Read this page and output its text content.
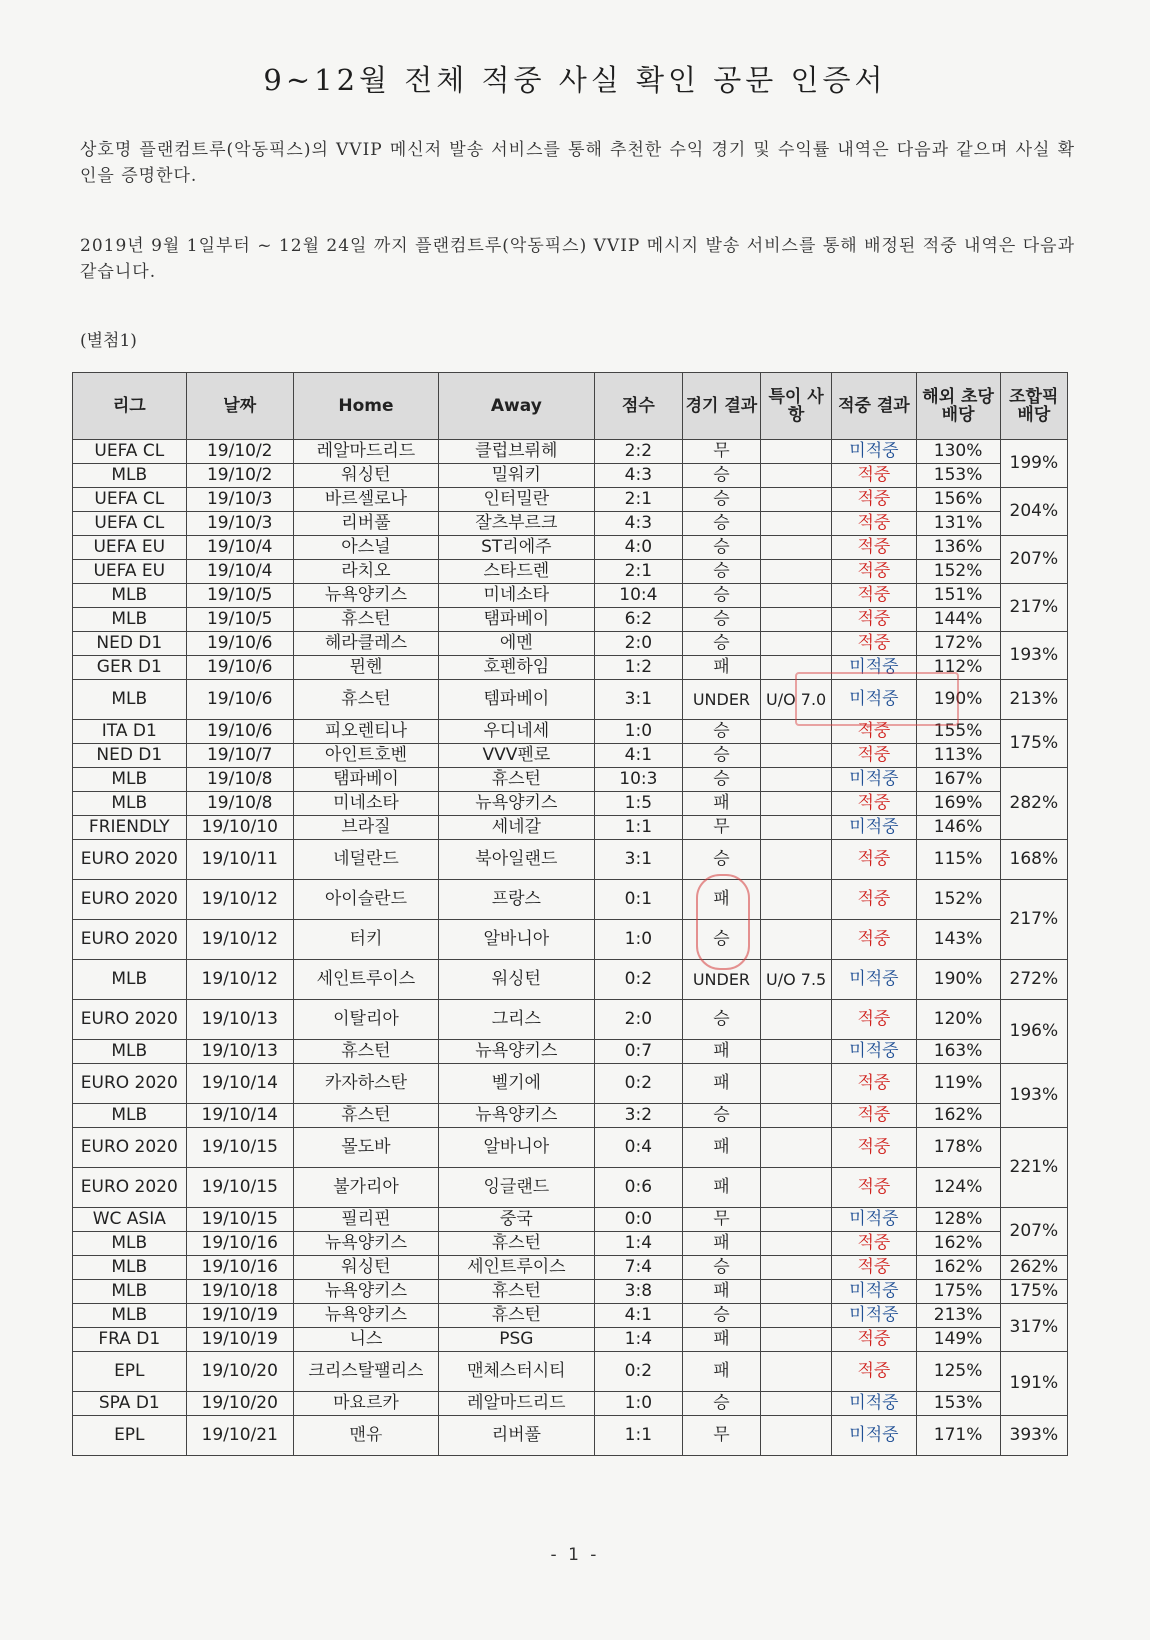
9~12월 전체 적중 사실 확인 공문 인증서
상호명 플랜컴트루(악동픽스)의 VVIP 메신저 발송 서비스를 통해 추천한 수익 경기 및 수익률 내역은 다음과 같으며 사실 확인을 증명한다.
2019년 9월 1일부터 ~ 12월 24일 까지 플랜컴트루(악동픽스) VVIP 메시지 발송 서비스를 통해 배정된 적중 내역은 다음과 같습니다.
(별첨1)
리그	날짜	Home	Away	점수	경기 결과	특이 사항	적중 결과	해외 초당 배당	조합픽 배당
UEFA CL	19/10/2	레알마드리드	클럽브뤼헤	2:2	무		미적중	130%	199%
MLB	19/10/2	워싱턴	밀워키	4:3	승		적중	153%	
UEFA CL	19/10/3	바르셀로나	인터밀란	2:1	승		적중	156%	204%
UEFA CL	19/10/3	리버풀	잘츠부르크	4:3	승		적중	131%	
UEFA EU	19/10/4	아스널	ST리에주	4:0	승		적중	136%	207%
UEFA EU	19/10/4	라치오	스타드렌	2:1	승		적중	152%	
MLB	19/10/5	뉴욕양키스	미네소타	10:4	승		적중	151%	217%
MLB	19/10/5	휴스턴	탬파베이	6:2	승		적중	144%	
NED D1	19/10/6	헤라클레스	에멘	2:0	승		적중	172%	193%
GER D1	19/10/6	뮌헨	호펜하임	1:2	패		미적중	112%	
MLB	19/10/6	휴스턴	템파베이	3:1	UNDER	U/O 7.0	미적중	190%	213%
ITA D1	19/10/6	피오렌티나	우디네세	1:0	승		적중	155%	175%
NED D1	19/10/7	아인트호벤	VVV펜로	4:1	승		적중	113%	
MLB	19/10/8	탬파베이	휴스턴	10:3	승		미적중	167%	282%
MLB	19/10/8	미네소타	뉴욕양키스	1:5	패		적중	169%	
FRIENDLY	19/10/10	브라질	세네갈	1:1	무		미적중	146%	
EURO 2020	19/10/11	네덜란드	북아일랜드	3:1	승		적중	115%	168%
EURO 2020	19/10/12	아이슬란드	프랑스	0:1	패		적중	152%	217%
EURO 2020	19/10/12	터키	알바니아	1:0	승		적중	143%	
MLB	19/10/12	세인트루이스	워싱턴	0:2	UNDER	U/O 7.5	미적중	190%	272%
EURO 2020	19/10/13	이탈리아	그리스	2:0	승		적중	120%	196%
MLB	19/10/13	휴스턴	뉴욕양키스	0:7	패		미적중	163%	
EURO 2020	19/10/14	카자하스탄	벨기에	0:2	패		적중	119%	193%
MLB	19/10/14	휴스턴	뉴욕양키스	3:2	승		적중	162%	
EURO 2020	19/10/15	몰도바	알바니아	0:4	패		적중	178%	221%
EURO 2020	19/10/15	불가리아	잉글랜드	0:6	패		적중	124%	
WC ASIA	19/10/15	필리핀	중국	0:0	무		미적중	128%	207%
MLB	19/10/16	뉴욕양키스	휴스턴	1:4	패		적중	162%	
MLB	19/10/16	워싱턴	세인트루이스	7:4	승		적중	162%	262%
MLB	19/10/18	뉴욕양키스	휴스턴	3:8	패		미적중	175%	175%
MLB	19/10/19	뉴욕양키스	휴스턴	4:1	승		미적중	213%	317%
FRA D1	19/10/19	니스	PSG	1:4	패		적중	149%	
EPL	19/10/20	크리스탈팰리스	맨체스터시티	0:2	패		적중	125%	191%
SPA D1	19/10/20	마요르카	레알마드리드	1:0	승		미적중	153%	
EPL	19/10/21	맨유	리버풀	1:1	무		미적중	171%	393%
- 1 -
